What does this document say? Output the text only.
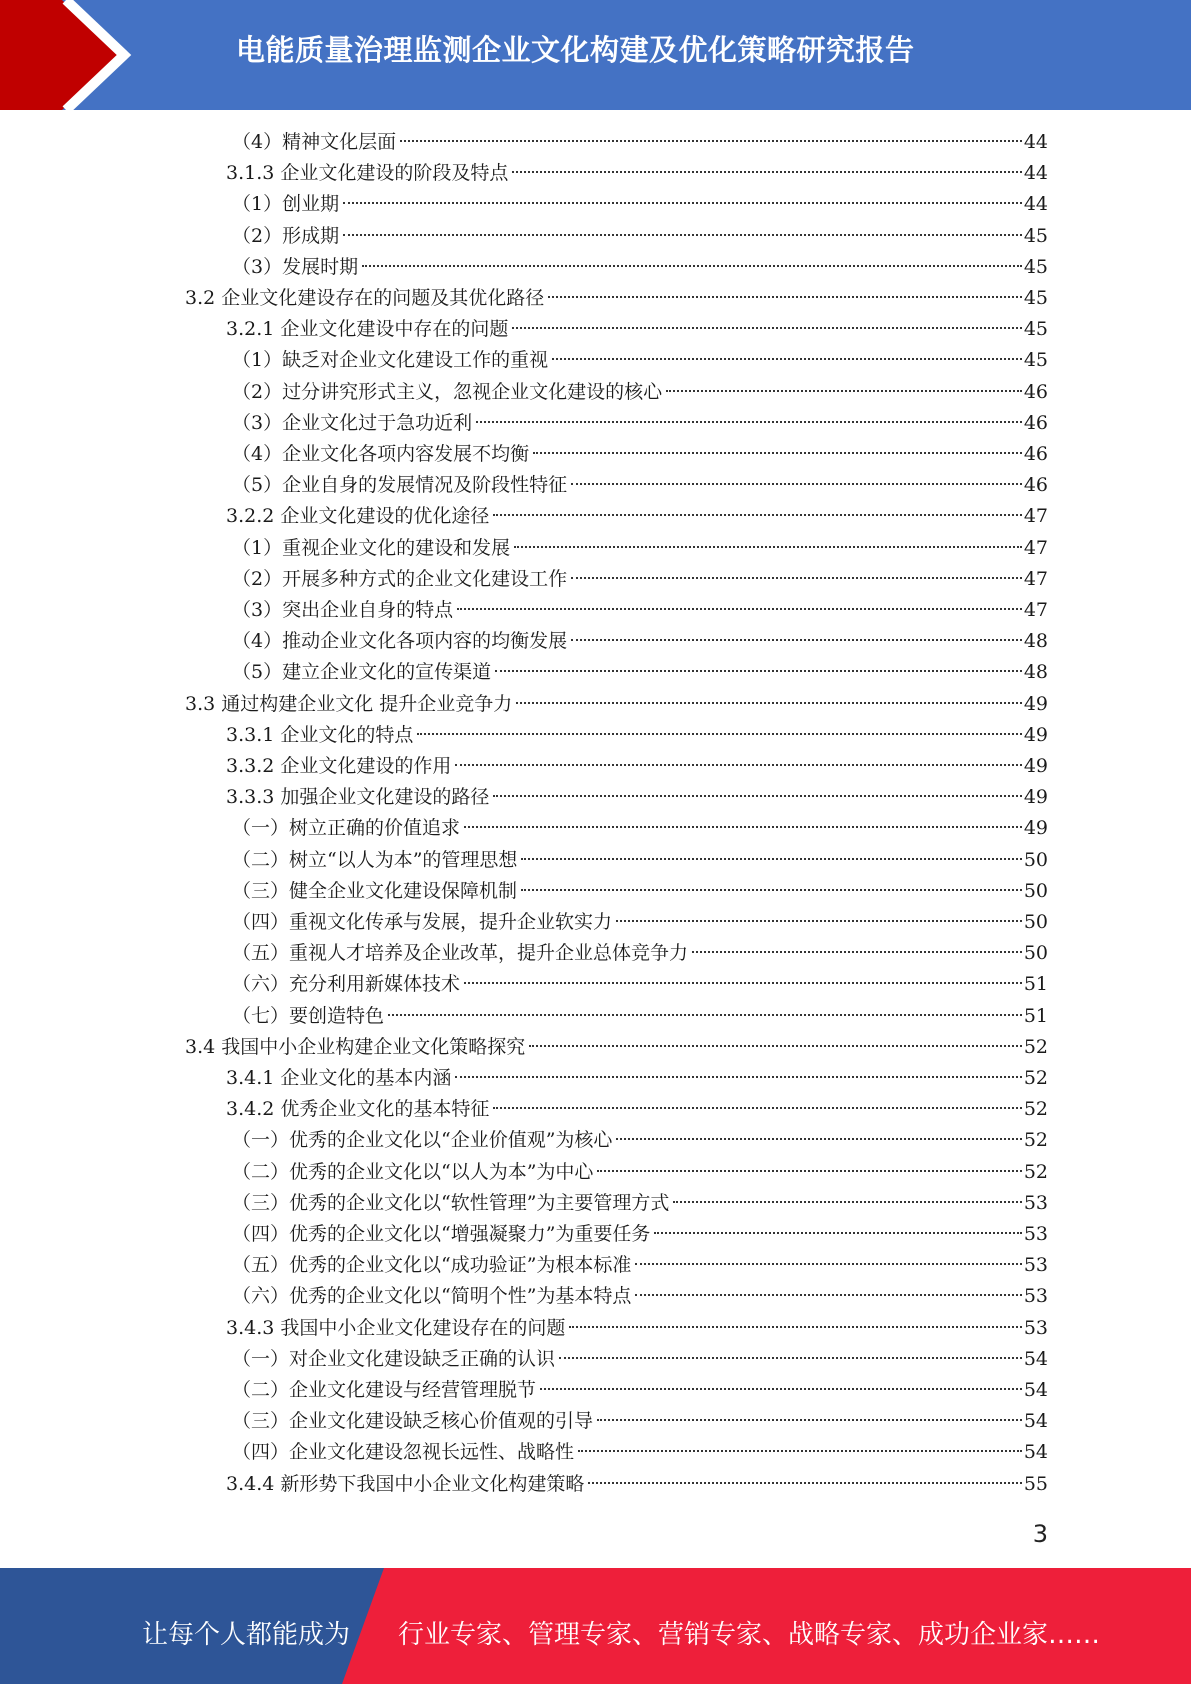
电能质量治理监测企业文化构建及优化策略研究报告
（4）精神文化层面	44
3.1.3 企业文化建设的阶段及特点	44
（1）创业期	44
（2）形成期	45
（3）发展时期	45
3.2 企业文化建设存在的问题及其优化路径	45
3.2.1 企业文化建设中存在的问题	45
（1）缺乏对企业文化建设工作的重视	45
（2）过分讲究形式主义，忽视企业文化建设的核心	46
（3）企业文化过于急功近利	46
（4）企业文化各项内容发展不均衡	46
（5）企业自身的发展情况及阶段性特征	46
3.2.2 企业文化建设的优化途径	47
（1）重视企业文化的建设和发展	47
（2）开展多种方式的企业文化建设工作	47
（3）突出企业自身的特点	47
（4）推动企业文化各项内容的均衡发展	48
（5）建立企业文化的宣传渠道	48
3.3 通过构建企业文化 提升企业竞争力	49
3.3.1 企业文化的特点	49
3.3.2 企业文化建设的作用	49
3.3.3 加强企业文化建设的路径	49
（一）树立正确的价值追求	49
（二）树立“以人为本”的管理思想	50
（三）健全企业文化建设保障机制	50
（四）重视文化传承与发展，提升企业软实力	50
（五）重视人才培养及企业改革，提升企业总体竞争力	50
（六）充分利用新媒体技术	51
（七）要创造特色	51
3.4 我国中小企业构建企业文化策略探究	52
3.4.1 企业文化的基本内涵	52
3.4.2 优秀企业文化的基本特征	52
（一）优秀的企业文化以“企业价值观”为核心	52
（二）优秀的企业文化以“以人为本”为中心	52
（三）优秀的企业文化以“软性管理”为主要管理方式	53
（四）优秀的企业文化以“增强凝聚力”为重要任务	53
（五）优秀的企业文化以“成功验证”为根本标准	53
（六）优秀的企业文化以“简明个性”为基本特点	53
3.4.3 我国中小企业文化建设存在的问题	53
（一）对企业文化建设缺乏正确的认识	54
（二）企业文化建设与经营管理脱节	54
（三）企业文化建设缺乏核心价值观的引导	54
（四）企业文化建设忽视长远性、战略性	54
3.4.4 新形势下我国中小企业文化构建策略	55
3
让每个人都能成为 行业专家、管理专家、营销专家、战略专家、成功企业家……
